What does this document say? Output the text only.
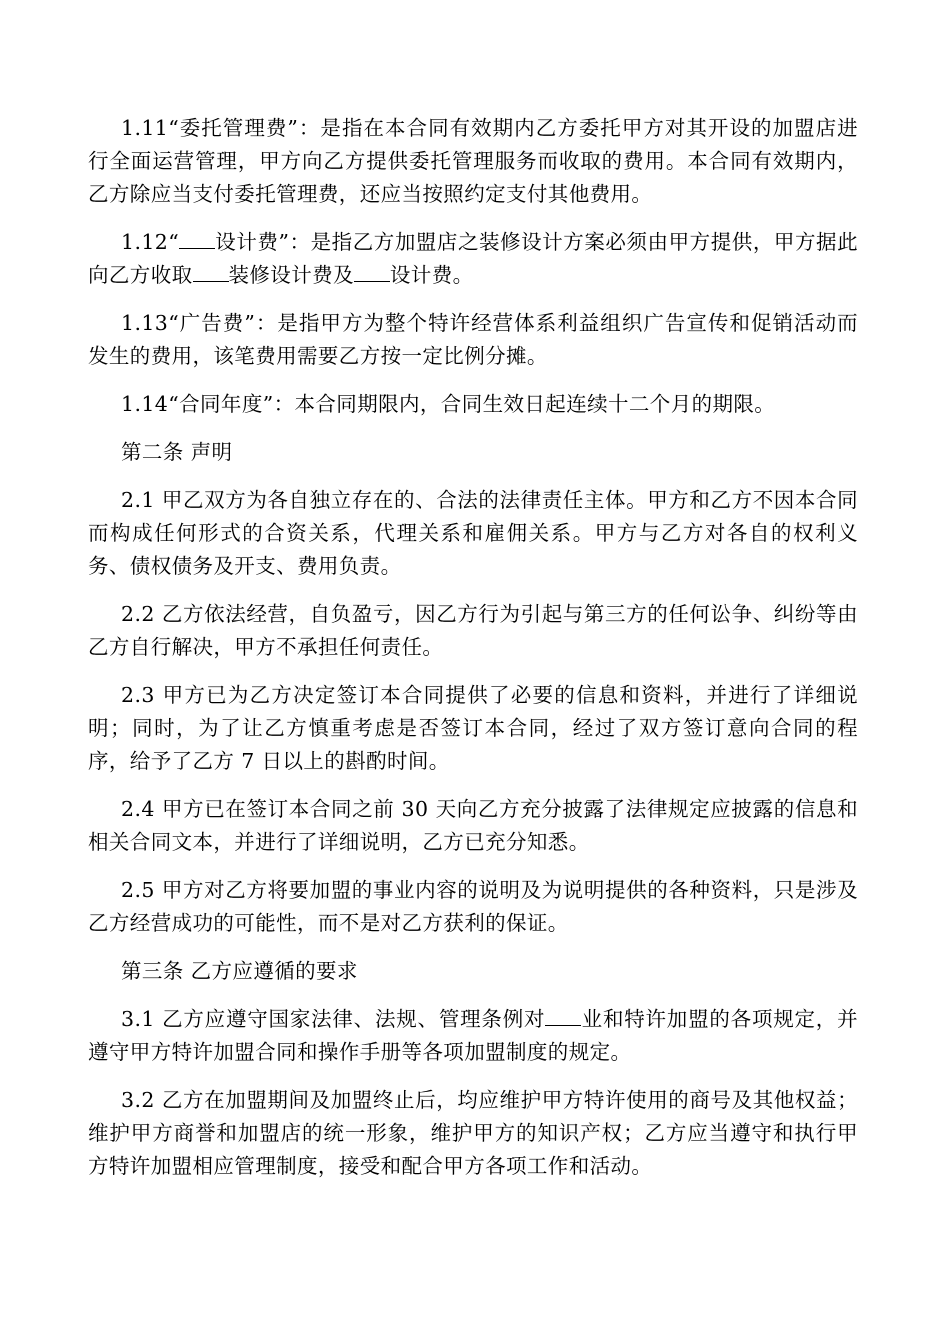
1.11“委托管理费”：是指在本合同有效期内乙方委托甲方对其开设的加盟店进行全面运营管理，甲方向乙方提供委托管理服务而收取的费用。本合同有效期内，乙方除应当支付委托管理费，还应当按照约定支付其他费用。

1.12“ 设计费”：是指乙方加盟店之装修设计方案必须由甲方提供，甲方据此向乙方收取 装修设计费及 设计费。

1.13“广告费”：是指甲方为整个特许经营体系利益组织广告宣传和促销活动而发生的费用，该笔费用需要乙方按一定比例分摊。

1.14“合同年度”：本合同期限内，合同生效日起连续十二个月的期限。

第二条 声明

2.1 甲乙双方为各自独立存在的、合法的法律责任主体。甲方和乙方不因本合同而构成任何形式的合资关系，代理关系和雇佣关系。甲方与乙方对各自的权利义务、债权债务及开支、费用负责。

2.2 乙方依法经营，自负盈亏，因乙方行为引起与第三方的任何讼争、纠纷等由乙方自行解决，甲方不承担任何责任。

2.3 甲方已为乙方决定签订本合同提供了必要的信息和资料，并进行了详细说明；同时，为了让乙方慎重考虑是否签订本合同，经过了双方签订意向合同的程序，给予了乙方 7 日以上的斟酌时间。

2.4 甲方已在签订本合同之前 30 天向乙方充分披露了法律规定应披露的信息和相关合同文本，并进行了详细说明，乙方已充分知悉。

2.5 甲方对乙方将要加盟的事业内容的说明及为说明提供的各种资料，只是涉及乙方经营成功的可能性，而不是对乙方获利的保证。

第三条 乙方应遵循的要求

3.1 乙方应遵守国家法律、法规、管理条例对 业和特许加盟的各项规定，并遵守甲方特许加盟合同和操作手册等各项加盟制度的规定。

3.2 乙方在加盟期间及加盟终止后，均应维护甲方特许使用的商号及其他权益；维护甲方商誉和加盟店的统一形象，维护甲方的知识产权；乙方应当遵守和执行甲方特许加盟相应管理制度，接受和配合甲方各项工作和活动。
